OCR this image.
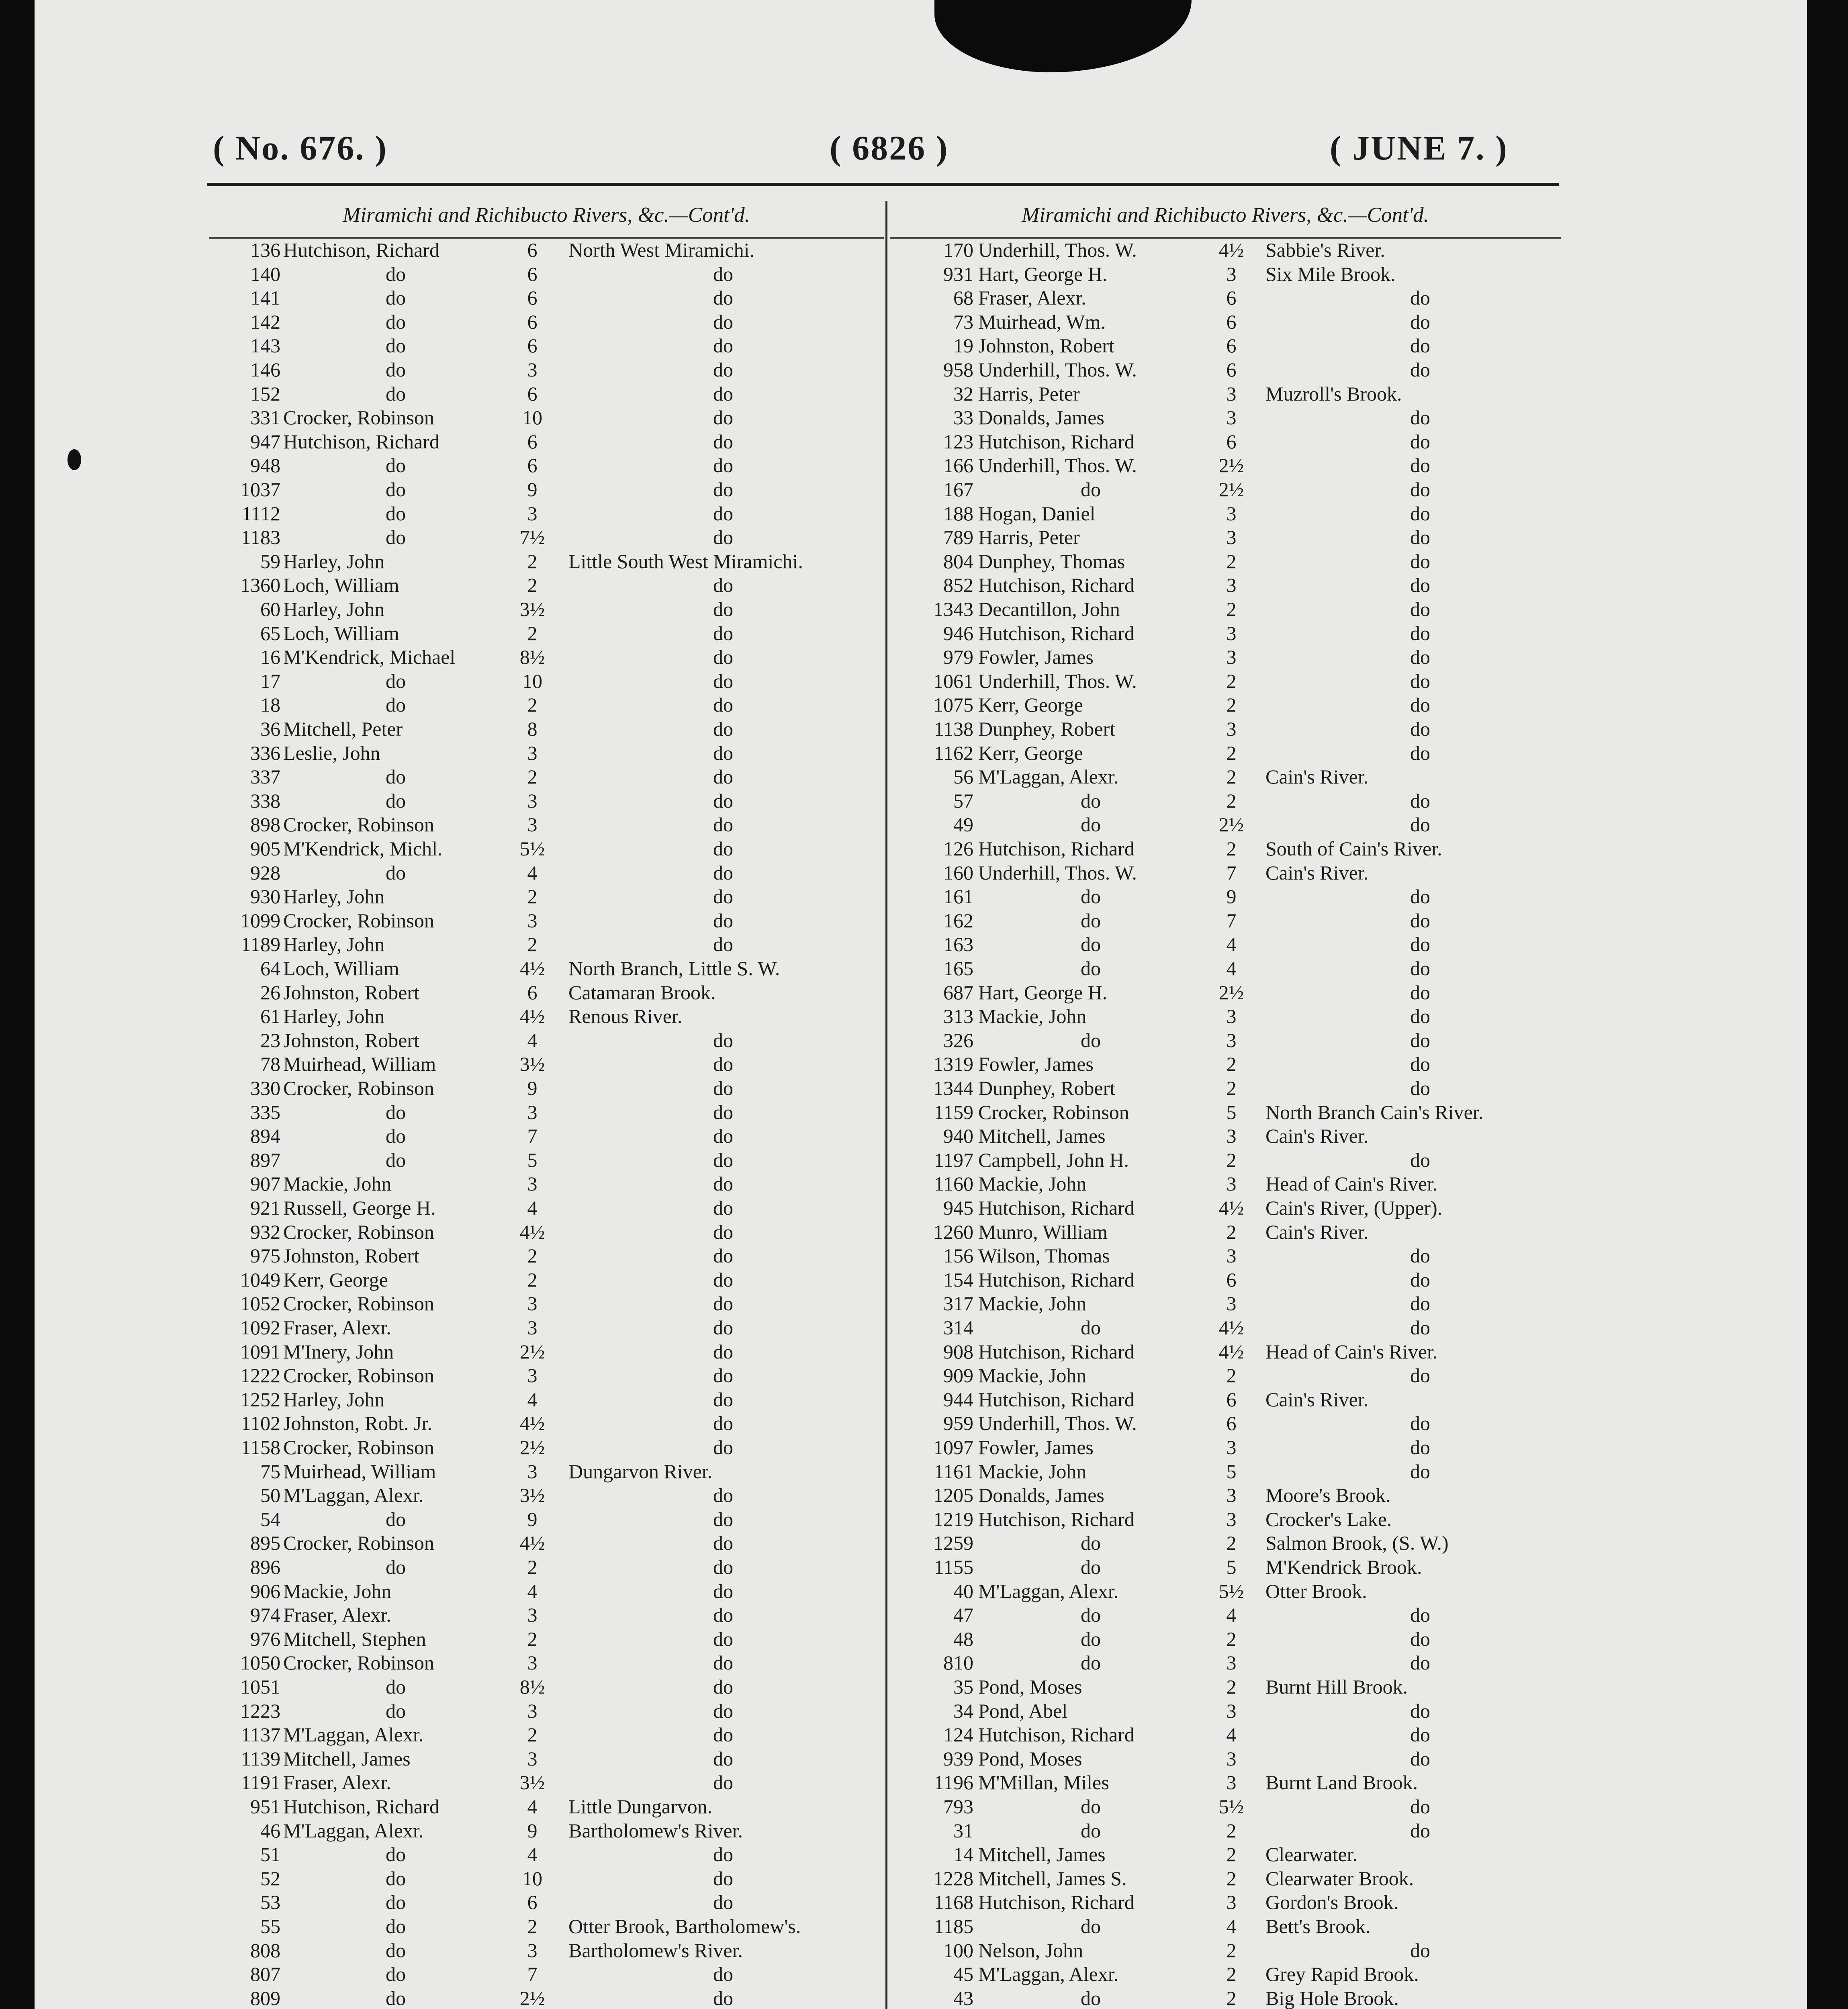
( No. 676. )	( 6826 )	( JUNE 7. )
Miramichi and Richibucto Rivers, &c.—Cont'd.	Miramichi and Richibucto Rivers, &c.—Cont'd.
136 Hutchison, Richard	6	North West Miramichi.
140	do	6	do
141	do	6	do
142	do	6	do
143	do	6	do
146	do	3	do
152	do	6	do
331 Crocker, Robinson	10	do
947 Hutchison, Richard	6	do
948	do	6	do
1037	do	9	do
1112	do	3	do
1183	do	7½	do
59 Harley, John	2	Little South West Miramichi.
1360 Loch, William	2	do
60 Harley, John	3½	do
65 Loch, William	2	do
16 M'Kendrick, Michael	8½	do
17	do	10	do
18	do	2	do
36 Mitchell, Peter	8	do
336 Leslie, John	3	do
337	do	2	do
338	do	3	do
898 Crocker, Robinson	3	do
905 M'Kendrick, Michl.	5½	do
928	do	4	do
930 Harley, John	2	do
1099 Crocker, Robinson	3	do
1189 Harley, John	2	do
64 Loch, William	4½ North Branch, Little S. W.
26 Johnston, Robert	6	Catamaran Brook.
61 Harley, John	4½ Renous River.
23 Johnston, Robert	4	do
78 Muirhead, William	3½	do
330 Crocker, Robinson	9	do
335	do	3	do
894	do	7	do
897	do	5	do
907 Mackie, John	3	do
921 Russell, George H.	4	do
932 Crocker, Robinson	4½	do
975 Johnston, Robert	2	do
1049 Kerr, George	2	do
1052 Crocker, Robinson	3	do
1092 Fraser, Alexr.	3	do
1091 M'Inery, John	2½	do
1222 Crocker, Robinson	3	do
1252 Harley, John	4	do
1102 Johnston, Robt. Jr.	4½	do
1158 Crocker, Robinson	2½	do
75 Muirhead, William	3	Dungarvon River.
50 M'Laggan, Alexr.	3½	do
54	do	9	do
895 Crocker, Robinson	4½	do
896	do	2	do
906 Mackie, John	4	do
974 Fraser, Alexr.	3	do
976 Mitchell, Stephen	2	do
1050 Crocker, Robinson	3	do
1051	do	8½	do
1223	do	3	do
1137 M'Laggan, Alexr.	2	do
1139 Mitchell, James	3	do
1191 Fraser, Alexr.	3½	do
951 Hutchison, Richard	4	Little Dungarvon.
46 M'Laggan, Alexr.	9	Bartholomew's River.
51	do	4	do
52	do	10	do
53	do	6	do
55	do	2	Otter Brook, Bartholomew's.
808	do	3	Bartholomew's River.
807	do	7	do
809	do	2½	do
170 Underhill, Thos. W.	4½ Sabbie's River.
931 Hart, George H.	3	Six Mile Brook.
68 Fraser, Alexr.	6	do
73 Muirhead, Wm.	6	do
19 Johnston, Robert	6	do
958 Underhill, Thos. W.	6	do
32 Harris, Peter	3	Muzroll's Brook.
33 Donalds, James	3	do
123 Hutchison, Richard	6	do
166 Underhill, Thos. W.	2½	do
167	do	2½	do
188 Hogan, Daniel	3	do
789 Harris, Peter	3	do
804 Dunphey, Thomas	2	do
852 Hutchison, Richard	3	do
1343 Decantillon, John	2	do
946 Hutchison, Richard	3	do
979 Fowler, James	3	do
1061 Underhill, Thos. W.	2	do
1075 Kerr, George	2	do
1138 Dunphey, Robert	3	do
1162 Kerr, George	2	do
56 M'Laggan, Alexr.	2	Cain's River.
57	do	2	do
49	do	2½	do
126 Hutchison, Richard	2	South of Cain's River.
160 Underhill, Thos. W.	7	Cain's River.
161	do	9	do
162	do	7	do
163	do	4	do
165	do	4	do
687 Hart, George H.	2½	do
313 Mackie, John	3	do
326	do	3	do
1319 Fowler, James	2	do
1344 Dunphey, Robert	2	do
1159 Crocker, Robinson	5	North Branch Cain's River.
940 Mitchell, James	3	Cain's River.
1197 Campbell, John H.	2	do
1160 Mackie, John	3	Head of Cain's River.
945 Hutchison, Richard	4½ Cain's River, (Upper).
1260 Munro, William	2	Cain's River.
156 Wilson, Thomas	3	do
154 Hutchison, Richard	6	do
317 Mackie, John	3	do
314	do	4½	do
908 Hutchison, Richard	4½ Head of Cain's River.
909 Mackie, John	2	do
944 Hutchison, Richard	6	Cain's River.
959 Underhill, Thos. W.	6	do
1097 Fowler, James	3	do
1161 Mackie, John	5	do
1205 Donalds, James	3	Moore's Brook.
1219 Hutchison, Richard	3	Crocker's Lake.
1259	do	2	Salmon Brook, (S. W.)
1155	do	5	M'Kendrick Brook.
40 M'Laggan, Alexr.	5½ Otter Brook.
47	do	4	do
48	do	2	do
810	do	3	do
35 Pond, Moses	2	Burnt Hill Brook.
34 Pond, Abel	3	do
124 Hutchison, Richard	4	do
939 Pond, Moses	3	do
1196 M'Millan, Miles	3	Burnt Land Brook.
793	do	5½	do
31	do	2	do
14 Mitchell, James	2	Clearwater.
1228 Mitchell, James S.	2	Clearwater Brook.
1168 Hutchison, Richard	3	Gordon's Brook.
1185	do	4	Bett's Brook.
100 Nelson, John	2	do
45 M'Laggan, Alexr.	2	Grey Rapid Brook.
43	do	2	Big Hole Brook.
